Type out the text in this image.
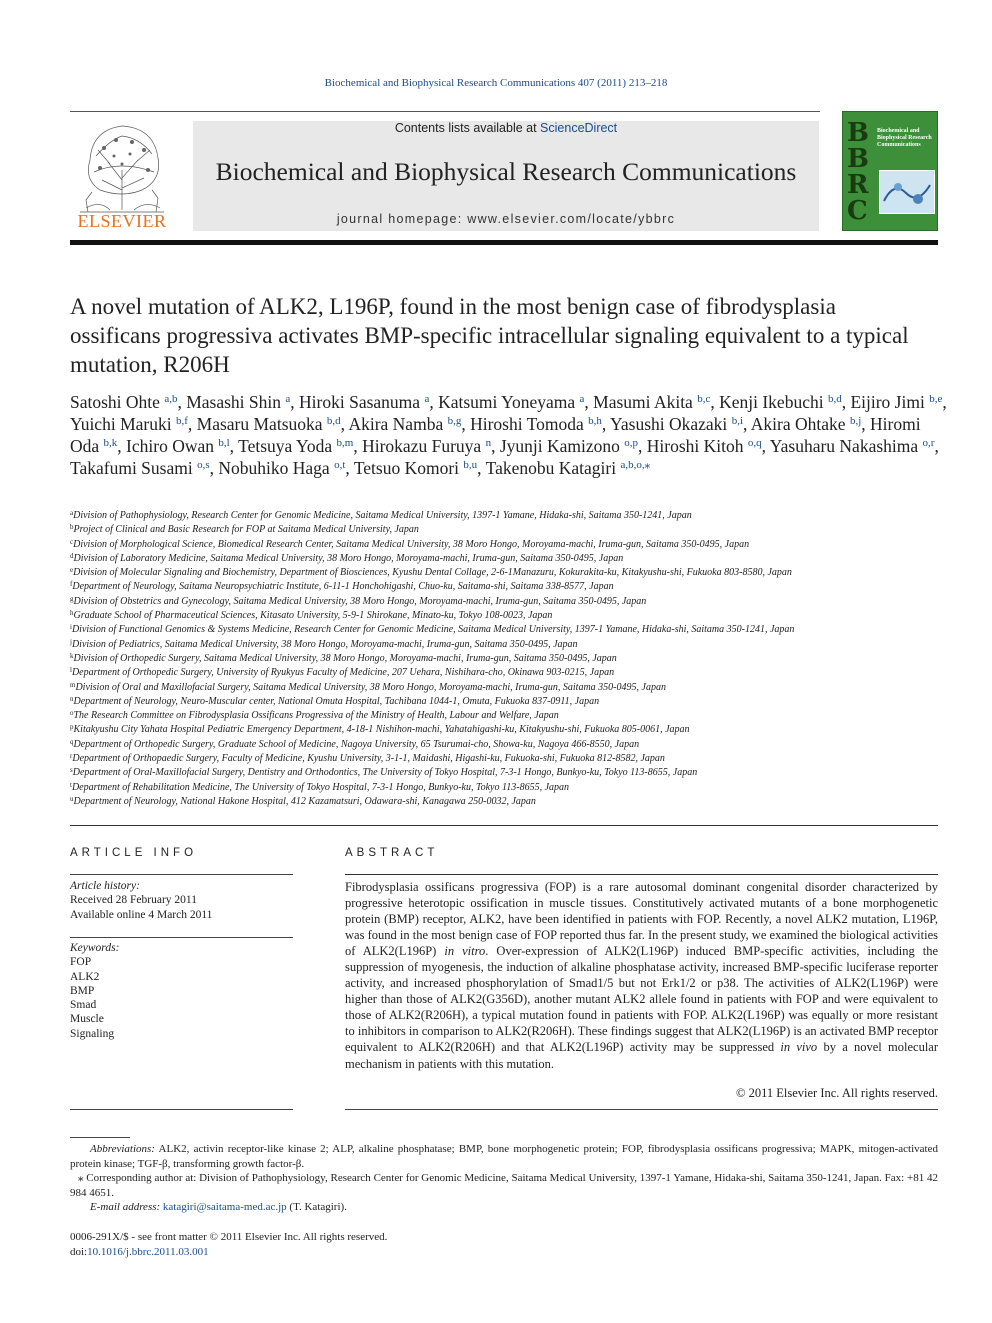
Biochemical and Biophysical Research Communications 407 (2011) 213–218
ELSEVIER
Contents lists available at ScienceDirect
Biochemical and Biophysical Research Communications
journal homepage: www.elsevier.com/locate/ybbrc
B
B
R
C
Biochemical and Biophysical Research Communications
A novel mutation of ALK2, L196P, found in the most benign case of fibrodysplasia ossificans progressiva activates BMP-specific intracellular signaling equivalent to a typical mutation, R206H
Satoshi Ohte $^{a,b}$, Masashi Shin $^a$, Hiroki Sasanuma $^a$, Katsumi Yoneyama $^a$, Masumi Akita $^{b,c}$, Kenji Ikebuchi $^{b,d}$, Eijiro Jimi $^{b,e}$, Yuichi Maruki $^{b,f}$, Masaru Matsuoka $^{b,d}$, Akira Namba $^{b,g}$, Hiroshi Tomoda $^{b,h}$, Yasushi Okazaki $^{b,i}$, Akira Ohtake $^{b,j}$, Hiromi Oda $^{b,k}$, Ichiro Owan $^{b,l}$, Tetsuya Yoda $^{b,m}$, Hirokazu Furuya $^n$, Jyunji Kamizono $^{o,p}$, Hiroshi Kitoh $^{o,q}$, Yasuharu Nakashima $^{o,r}$, Takafumi Susami $^{o,s}$, Nobuhiko Haga $^{o,t}$, Tetsuo Komori $^{b,u}$, Takenobu Katagiri $^{a,b,o,⁎}$
$^a$Division of Pathophysiology, Research Center for Genomic Medicine, Saitama Medical University, 1397-1 Yamane, Hidaka-shi, Saitama 350-1241, Japan
$^b$Project of Clinical and Basic Research for FOP at Saitama Medical University, Japan
$^c$Division of Morphological Science, Biomedical Research Center, Saitama Medical University, 38 Moro Hongo, Moroyama-machi, Iruma-gun, Saitama 350-0495, Japan
$^d$Division of Laboratory Medicine, Saitama Medical University, 38 Moro Hongo, Moroyama-machi, Iruma-gun, Saitama 350-0495, Japan
$^e$Division of Molecular Signaling and Biochemistry, Department of Biosciences, Kyushu Dental Collage, 2-6-1Manazuru, Kokurakita-ku, Kitakyushu-shi, Fukuoka 803-8580, Japan
$^f$Department of Neurology, Saitama Neuropsychiatric Institute, 6-11-1 Honchohigashi, Chuo-ku, Saitama-shi, Saitama 338-8577, Japan
$^g$Division of Obstetrics and Gynecology, Saitama Medical University, 38 Moro Hongo, Moroyama-machi, Iruma-gun, Saitama 350-0495, Japan
$^h$Graduate School of Pharmaceutical Sciences, Kitasato University, 5-9-1 Shirokane, Minato-ku, Tokyo 108-0023, Japan
$^i$Division of Functional Genomics & Systems Medicine, Research Center for Genomic Medicine, Saitama Medical University, 1397-1 Yamane, Hidaka-shi, Saitama 350-1241, Japan
$^j$Division of Pediatrics, Saitama Medical University, 38 Moro Hongo, Moroyama-machi, Iruma-gun, Saitama 350-0495, Japan
$^k$Division of Orthopedic Surgery, Saitama Medical University, 38 Moro Hongo, Moroyama-machi, Iruma-gun, Saitama 350-0495, Japan
$^l$Department of Orthopedic Surgery, University of Ryukyus Faculty of Medicine, 207 Uehara, Nishihara-cho, Okinawa 903-0215, Japan
$^m$Division of Oral and Maxillofacial Surgery, Saitama Medical University, 38 Moro Hongo, Moroyama-machi, Iruma-gun, Saitama 350-0495, Japan
$^n$Department of Neurology, Neuro-Muscular center, National Omuta Hospital, Tachibana 1044-1, Omuta, Fukuoka 837-0911, Japan
$^o$The Research Committee on Fibrodysplasia Ossificans Progressiva of the Ministry of Health, Labour and Welfare, Japan
$^p$Kitakyushu City Yahata Hospital Pediatric Emergency Department, 4-18-1 Nishihon-machi, Yahatahigashi-ku, Kitakyushu-shi, Fukuoka 805-0061, Japan
$^q$Department of Orthopedic Surgery, Graduate School of Medicine, Nagoya University, 65 Tsurumai-cho, Showa-ku, Nagoya 466-8550, Japan
$^r$Department of Orthopaedic Surgery, Faculty of Medicine, Kyushu University, 3-1-1, Maidashi, Higashi-ku, Fukuoka-shi, Fukuoka 812-8582, Japan
$^s$Department of Oral-Maxillofacial Surgery, Dentistry and Orthodontics, The University of Tokyo Hospital, 7-3-1 Hongo, Bunkyo-ku, Tokyo 113-8655, Japan
$^t$Department of Rehabilitation Medicine, The University of Tokyo Hospital, 7-3-1 Hongo, Bunkyo-ku, Tokyo 113-8655, Japan
$^u$Department of Neurology, National Hakone Hospital, 412 Kazamatsuri, Odawara-shi, Kanagawa 250-0032, Japan
ARTICLE INFO	ABSTRACT
Article history:
Received 28 February 2011
Available online 4 March 2011
Keywords:
FOP
ALK2
BMP
Smad
Muscle
Signaling
Fibrodysplasia ossificans progressiva (FOP) is a rare autosomal dominant congenital disorder characterized by progressive heterotopic ossification in muscle tissues. Constitutively activated mutants of a bone morphogenetic protein (BMP) receptor, ALK2, have been identified in patients with FOP. Recently, a novel ALK2 mutation, L196P, was found in the most benign case of FOP reported thus far. In the present study, we examined the biological activities of ALK2(L196P) in vitro. Over-expression of ALK2(L196P) induced BMP-specific activities, including the suppression of myogenesis, the induction of alkaline phosphatase activity, increased BMP-specific luciferase reporter activity, and increased phosphorylation of Smad1/5 but not Erk1/2 or p38. The activities of ALK2(L196P) were higher than those of ALK2(G356D), another mutant ALK2 allele found in patients with FOP and were equivalent to those of ALK2(R206H), a typical mutation found in patients with FOP. ALK2(L196P) was equally or more resistant to inhibitors in comparison to ALK2(R206H). These findings suggest that ALK2(L196P) is an activated BMP receptor equivalent to ALK2(R206H) and that ALK2(L196P) activity may be suppressed in vivo by a novel molecular mechanism in patients with this mutation.
© 2011 Elsevier Inc. All rights reserved.

Abbreviations: ALK2, activin receptor-like kinase 2; ALP, alkaline phosphatase; BMP, bone morphogenetic protein; FOP, fibrodysplasia ossificans progressiva; MAPK, mitogen-activated protein kinase; TGF-β, transforming growth factor-β.

⁎ Corresponding author at: Division of Pathophysiology, Research Center for Genomic Medicine, Saitama Medical University, 1397-1 Yamane, Hidaka-shi, Saitama 350-1241, Japan. Fax: +81 42 984 4651.

E-mail address: katagiri@saitama-med.ac.jp (T. Katagiri).

0006-291X/$ - see front matter © 2011 Elsevier Inc. All rights reserved.
doi:10.1016/j.bbrc.2011.03.001
